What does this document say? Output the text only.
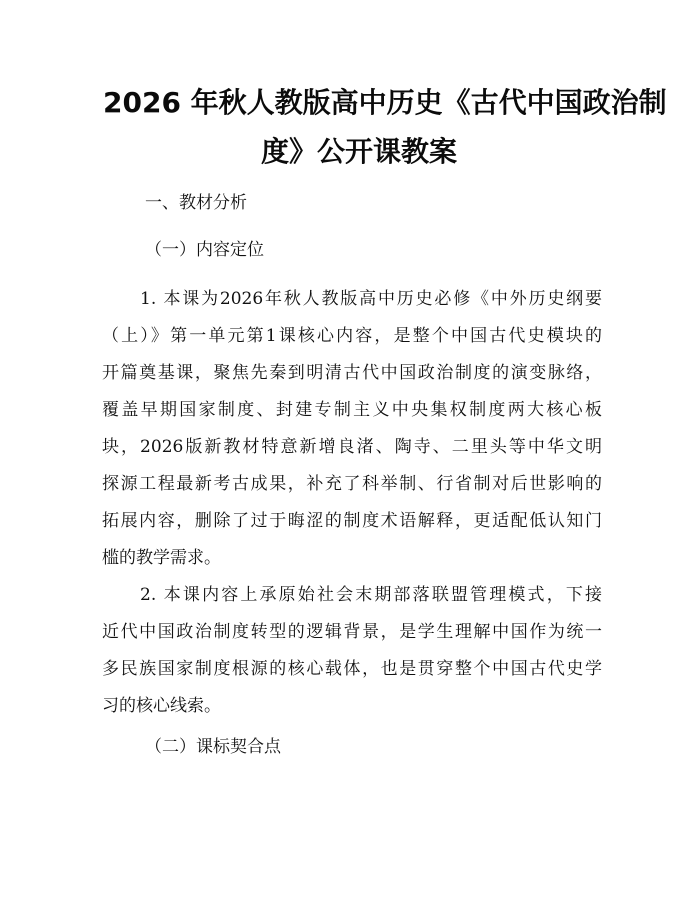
2026 年秋人教版高中历史《古代中国政治制
度》公开课教案
一、教材分析
（一）内容定位
1. 本课为2026年秋人教版高中历史必修《中外历史纲要
（上）》第一单元第1课核心内容，是整个中国古代史模块的
开篇奠基课，聚焦先秦到明清古代中国政治制度的演变脉络，
覆盖早期国家制度、封建专制主义中央集权制度两大核心板
块，2026版新教材特意新增良渚、陶寺、二里头等中华文明
探源工程最新考古成果，补充了科举制、行省制对后世影响的
拓展内容，删除了过于晦涩的制度术语解释，更适配低认知门
槛的教学需求。
2. 本课内容上承原始社会末期部落联盟管理模式，下接
近代中国政治制度转型的逻辑背景，是学生理解中国作为统一
多民族国家制度根源的核心载体，也是贯穿整个中国古代史学
习的核心线索。
（二）课标契合点
